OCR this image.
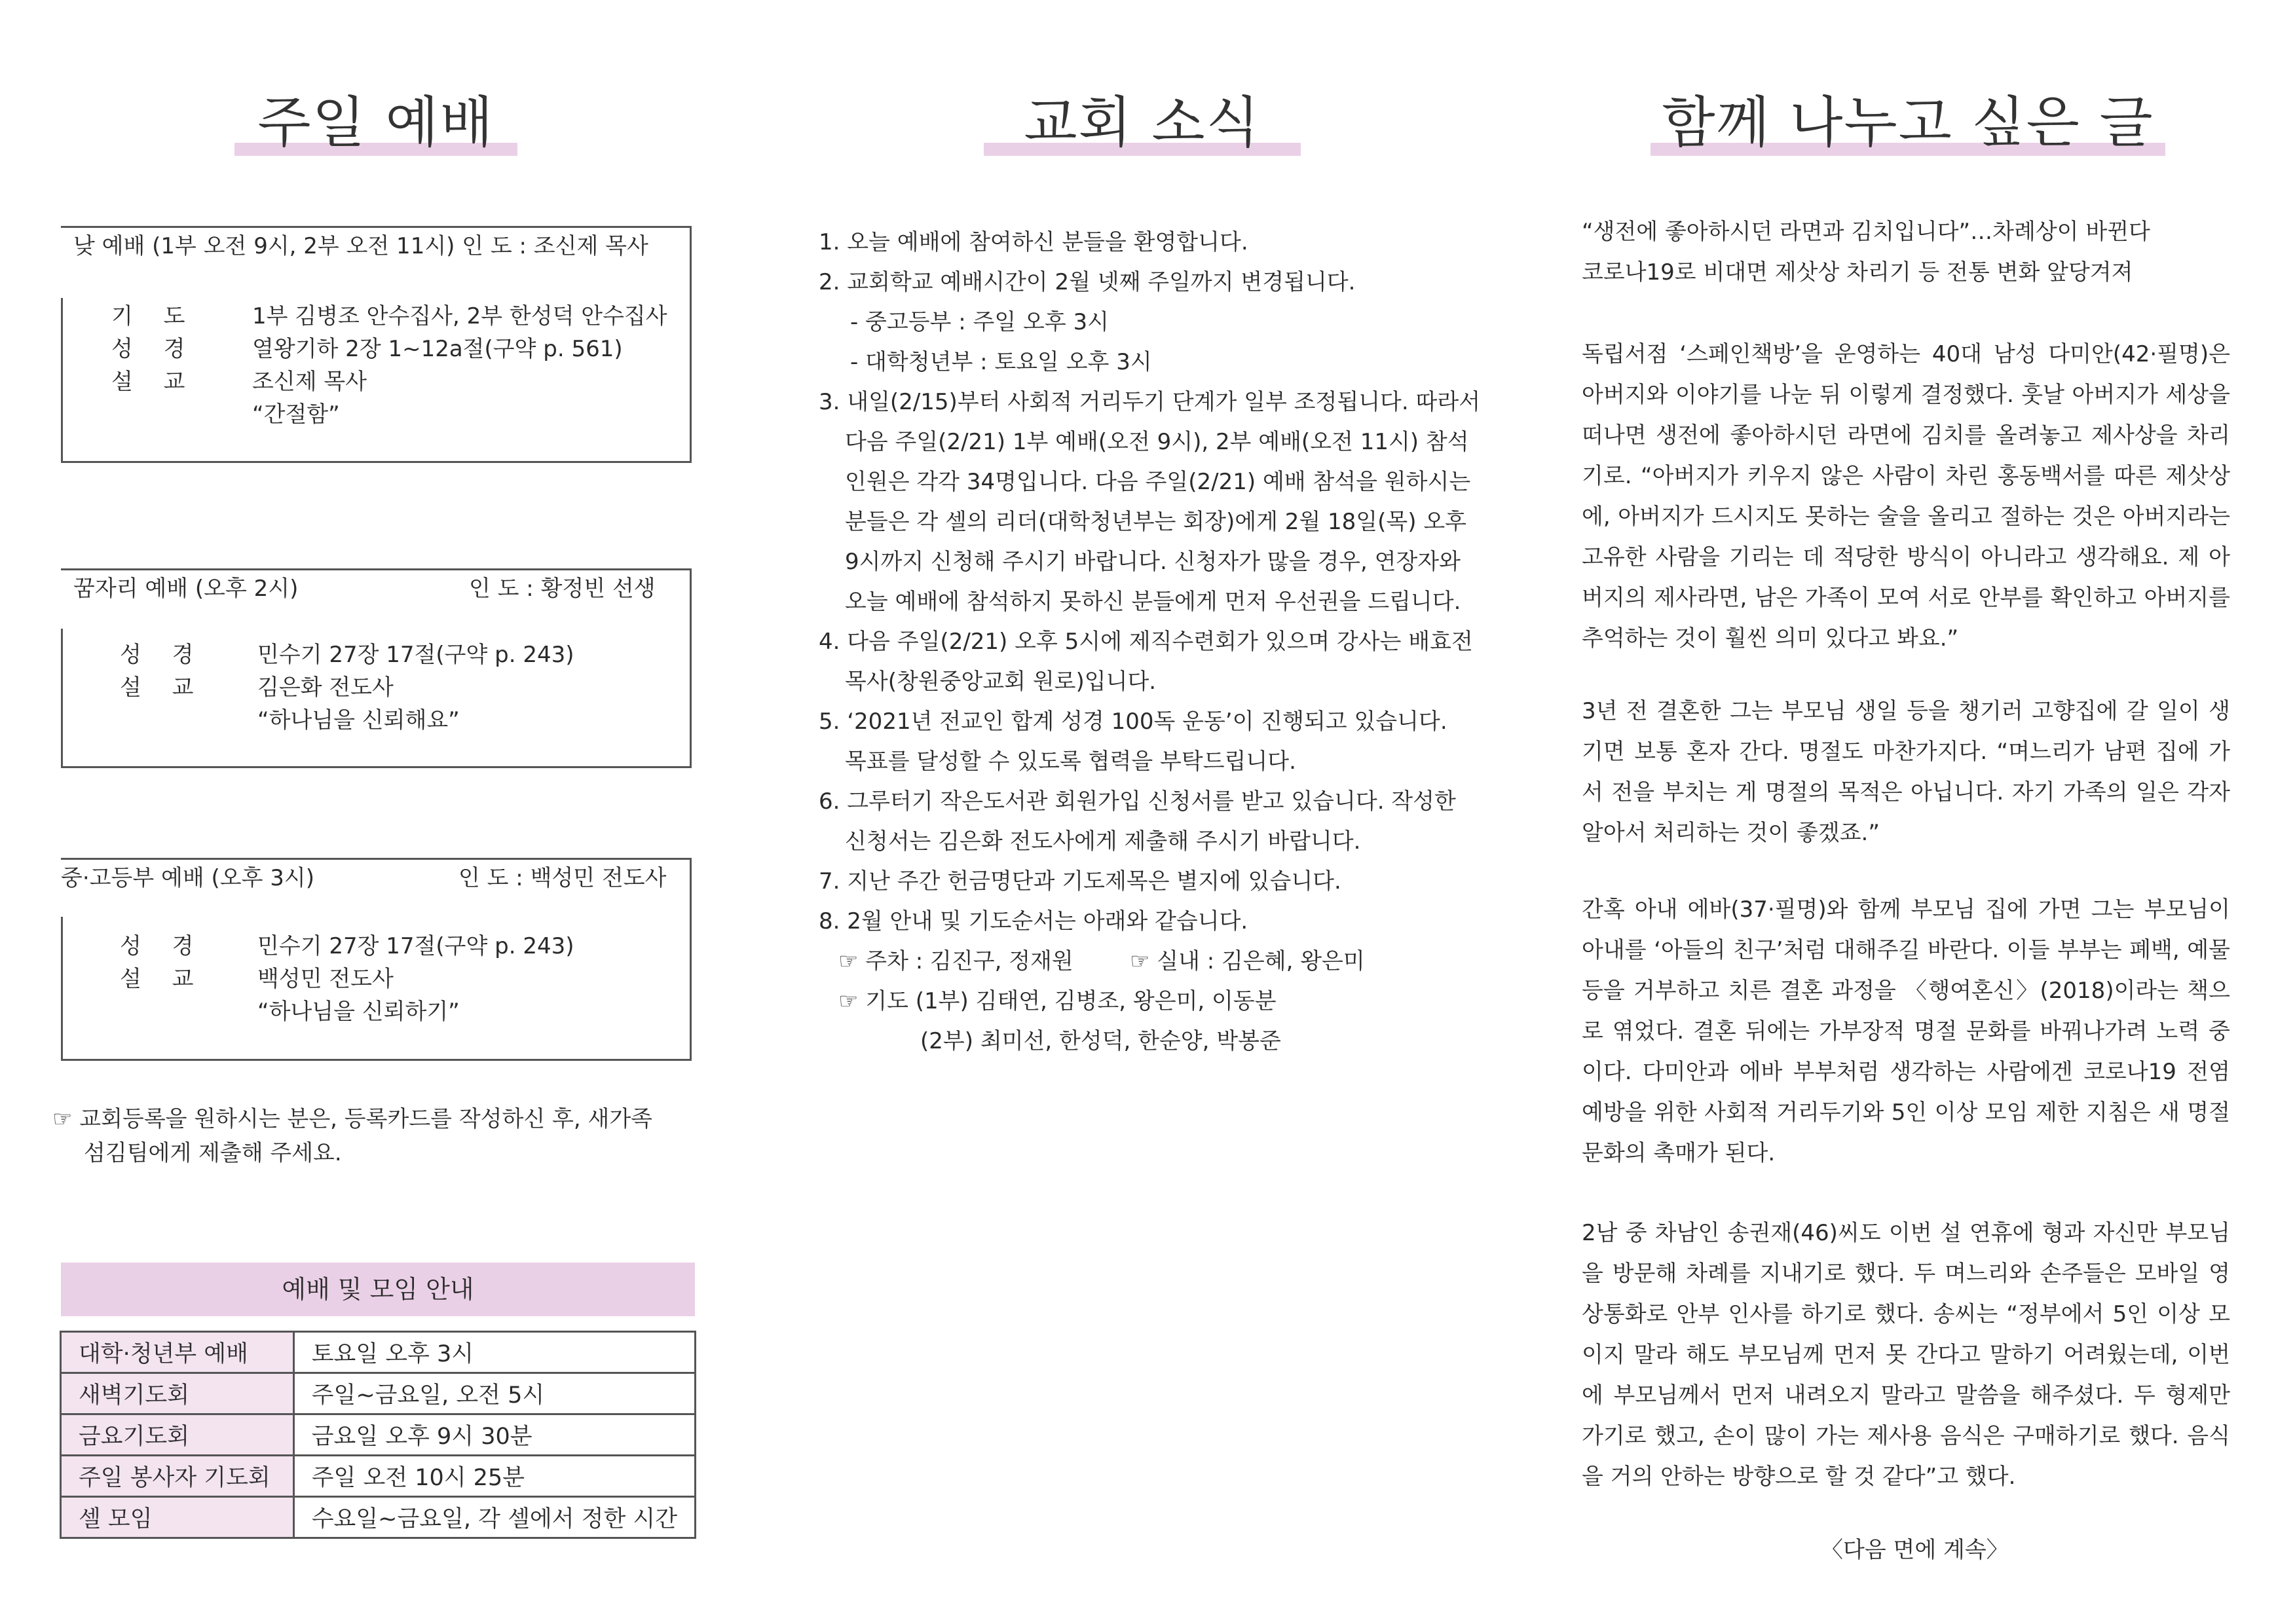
주일 예배
낮 예배 (1부 오전 9시, 2부 오전 11시) 인 도 : 조신제 목사
기 도 1부 김병조 안수집사, 2부 한성덕 안수집사
성 경 열왕기하 2장 1~12a절(구약 p. 561)
설 교 조신제 목사
“간절함”
꿈자리 예배 (오후 2시)	인 도 : 황정빈 선생
성 경 민수기 27장 17절(구약 p. 243)
설 교 김은화 전도사
“하나님을 신뢰해요”
중·고등부 예배 (오후 3시)	인 도 : 백성민 전도사
성 경 민수기 27장 17절(구약 p. 243)
설 교 백성민 전도사
“하나님을 신뢰하기”
☞ 교회등록을 원하시는 분은, 등록카드를 작성하신 후, 새가족
섬김팀에게 제출해 주세요.
예배 및 모임 안내
대학·청년부 예배	토요일 오후 3시
새벽기도회	주일~금요일, 오전 5시
금요기도회	금요일 오후 9시 30분
주일 봉사자 기도회	주일 오전 10시 25분
셀 모임	수요일~금요일, 각 셀에서 정한 시간
교회 소식
1. 오늘 예배에 참여하신 분들을 환영합니다.
2. 교회학교 예배시간이 2월 넷째 주일까지 변경됩니다.
- 중고등부 : 주일 오후 3시
- 대학청년부 : 토요일 오후 3시
3. 내일(2/15)부터 사회적 거리두기 단계가 일부 조정됩니다. 따라서
다음 주일(2/21) 1부 예배(오전 9시), 2부 예배(오전 11시) 참석
인원은 각각 34명입니다. 다음 주일(2/21) 예배 참석을 원하시는
분들은 각 셀의 리더(대학청년부는 회장)에게 2월 18일(목) 오후
9시까지 신청해 주시기 바랍니다. 신청자가 많을 경우, 연장자와
오늘 예배에 참석하지 못하신 분들에게 먼저 우선권을 드립니다.
4. 다음 주일(2/21) 오후 5시에 제직수련회가 있으며 강사는 배효전
목사(창원중앙교회 원로)입니다.
5. ‘2021년 전교인 합계 성경 100독 운동’이 진행되고 있습니다.
목표를 달성할 수 있도록 협력을 부탁드립니다.
6. 그루터기 작은도서관 회원가입 신청서를 받고 있습니다. 작성한
신청서는 김은화 전도사에게 제출해 주시기 바랍니다.
7. 지난 주간 헌금명단과 기도제목은 별지에 있습니다.
8. 2월 안내 및 기도순서는 아래와 같습니다.
☞ 주차 : 김진구, 정재원	☞ 실내 : 김은혜, 왕은미
☞ 기도 (1부) 김태연, 김병조, 왕은미, 이동분
(2부) 최미선, 한성덕, 한순양, 박봉준
함께 나누고 싶은 글
“생전에 좋아하시던 라면과 김치입니다”…차례상이 바뀐다
코로나19로 비대면 제삿상 차리기 등 전통 변화 앞당겨져
독립서점 ‘스페인책방’을 운영하는 40대 남성 다미안(42·필명)은 아버지와 이야기를 나눈 뒤 이렇게 결정했다. 훗날 아버지가 세상을 떠나면 생전에 좋아하시던 라면에 김치를 올려놓고 제사상을 차리기로. “아버지가 키우지 않은 사람이 차린 홍동백서를 따른 제삿상에, 아버지가 드시지도 못하는 술을 올리고 절하는 것은 아버지라는 고유한 사람을 기리는 데 적당한 방식이 아니라고 생각해요. 제 아버지의 제사라면, 남은 가족이 모여 서로 안부를 확인하고 아버지를 추억하는 것이 훨씬 의미 있다고 봐요.”
3년 전 결혼한 그는 부모님 생일 등을 챙기러 고향집에 갈 일이 생기면 보통 혼자 간다. 명절도 마찬가지다. “며느리가 남편 집에 가서 전을 부치는 게 명절의 목적은 아닙니다. 자기 가족의 일은 각자 알아서 처리하는 것이 좋겠죠.”
간혹 아내 에바(37·필명)와 함께 부모님 집에 가면 그는 부모님이 아내를 ‘아들의 친구’처럼 대해주길 바란다. 이들 부부는 폐백, 예물 등을 거부하고 치른 결혼 과정을 〈행여혼신〉(2018)이라는 책으로 엮었다. 결혼 뒤에는 가부장적 명절 문화를 바꿔나가려 노력 중이다. 다미안과 에바 부부처럼 생각하는 사람에겐 코로나19 전염 예방을 위한 사회적 거리두기와 5인 이상 모임 제한 지침은 새 명절 문화의 촉매가 된다.
2남 중 차남인 송권재(46)씨도 이번 설 연휴에 형과 자신만 부모님을 방문해 차례를 지내기로 했다. 두 며느리와 손주들은 모바일 영상통화로 안부 인사를 하기로 했다. 송씨는 “정부에서 5인 이상 모이지 말라 해도 부모님께 먼저 못 간다고 말하기 어려웠는데, 이번에 부모님께서 먼저 내려오지 말라고 말씀을 해주셨다. 두 형제만 가기로 했고, 손이 많이 가는 제사용 음식은 구매하기로 했다. 음식을 거의 안하는 방향으로 할 것 같다”고 했다.
〈다음 면에 계속〉
